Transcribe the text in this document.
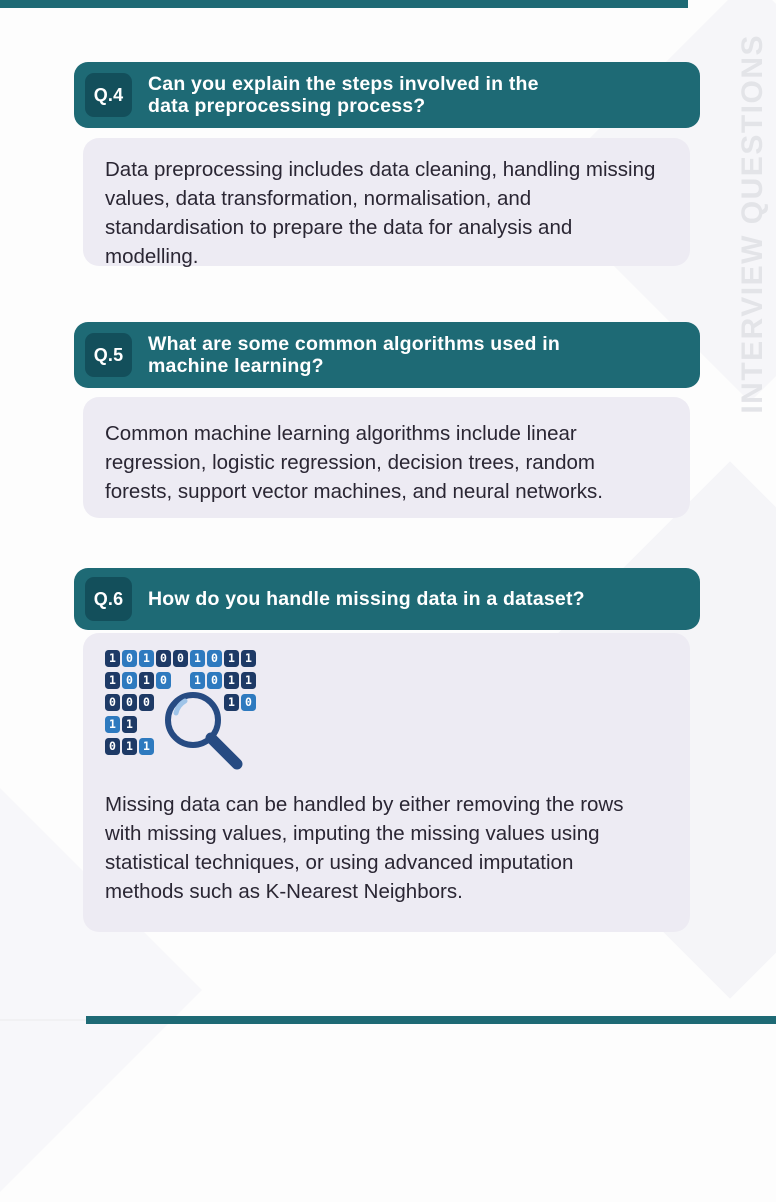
INTERVIEW QUESTIONS
Q.4	Can you explain the steps involved in the
data preprocessing process?
Data preprocessing includes data cleaning, handling missing values, data transformation, normalisation, and standardisation to prepare the data for analysis and modelling.
Q.5	What are some common algorithms used in
machine learning?
Common machine learning algorithms include linear regression, logistic regression, decision trees, random forests, support vector machines, and neural networks.
Q.6	How do you handle missing data in a dataset?

1 0 1 0 0 1 0 1 1
1 0 1 0	1 0 1 1
0 0 0	1 0
1 1
0 1 1
Missing data can be handled by either removing the rows with missing values, imputing the missing values using statistical techniques, or using advanced imputation methods such as K-Nearest Neighbors.
